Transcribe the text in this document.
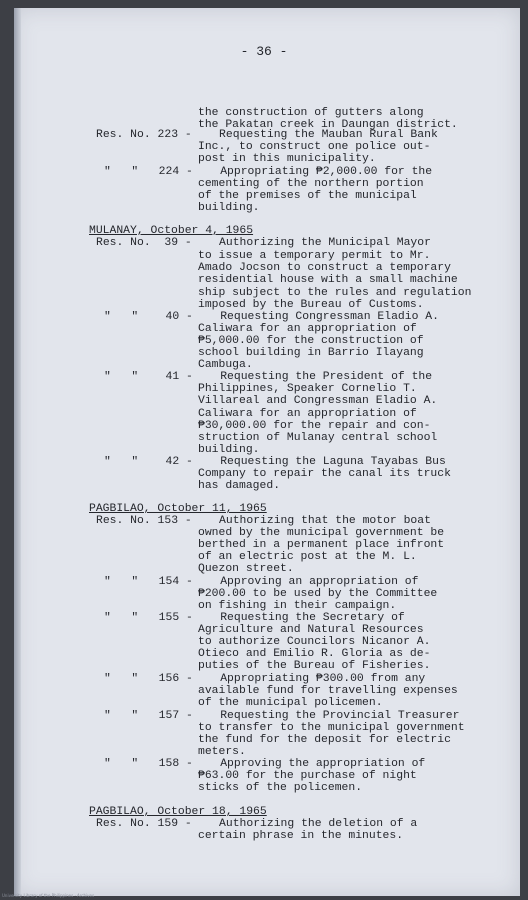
- 36 -
the construction of gutters along
the Pakatan creek in Daungan district.
Res. No. 223 -    Requesting the Mauban Rural Bank
Inc., to construct one police out-
post in this municipality.
"   "   224 -    Appropriating ₱2,000.00 for the
cementing of the northern portion
of the premises of the municipal
building.
MULANAY, October 4, 1965
Res. No.  39 -    Authorizing the Municipal Mayor
to issue a temporary permit to Mr.
Amado Jocson to construct a temporary
residential house with a small machine
ship subject to the rules and regulation
imposed by the Bureau of Customs.
"   "    40 -    Requesting Congressman Eladio A.
Caliwara for an appropriation of
₱5,000.00 for the construction of
school building in Barrio Ilayang
Cambuga.
"   "    41 -    Requesting the President of the
Philippines, Speaker Cornelio T.
Villareal and Congressman Eladio A.
Caliwara for an appropriation of
₱30,000.00 for the repair and con-
struction of Mulanay central school
building.
"   "    42 -    Requesting the Laguna Tayabas Bus
Company to repair the canal its truck
has damaged.
PAGBILAO, October 11, 1965
Res. No. 153 -    Authorizing that the motor boat
owned by the municipal government be
berthed in a permanent place infront
of an electric post at the M. L.
Quezon street.
"   "   154 -    Approving an appropriation of
₱200.00 to be used by the Committee
on fishing in their campaign.
"   "   155 -    Requesting the Secretary of
Agriculture and Natural Resources
to authorize Councilors Nicanor A.
Otieco and Emilio R. Gloria as de-
puties of the Bureau of Fisheries.
"   "   156 -    Appropriating ₱300.00 from any
available fund for travelling expenses
of the municipal policemen.
"   "   157 -    Requesting the Provincial Treasurer
to transfer to the municipal government
the fund for the deposit for electric
meters.
"   "   158 -    Approving the appropriation of
₱63.00 for the purchase of night
sticks of the policemen.
PAGBILAO, October 18, 1965
Res. No. 159 -    Authorizing the deletion of a
certain phrase in the minutes.
University Library of the Philippines · Archives
